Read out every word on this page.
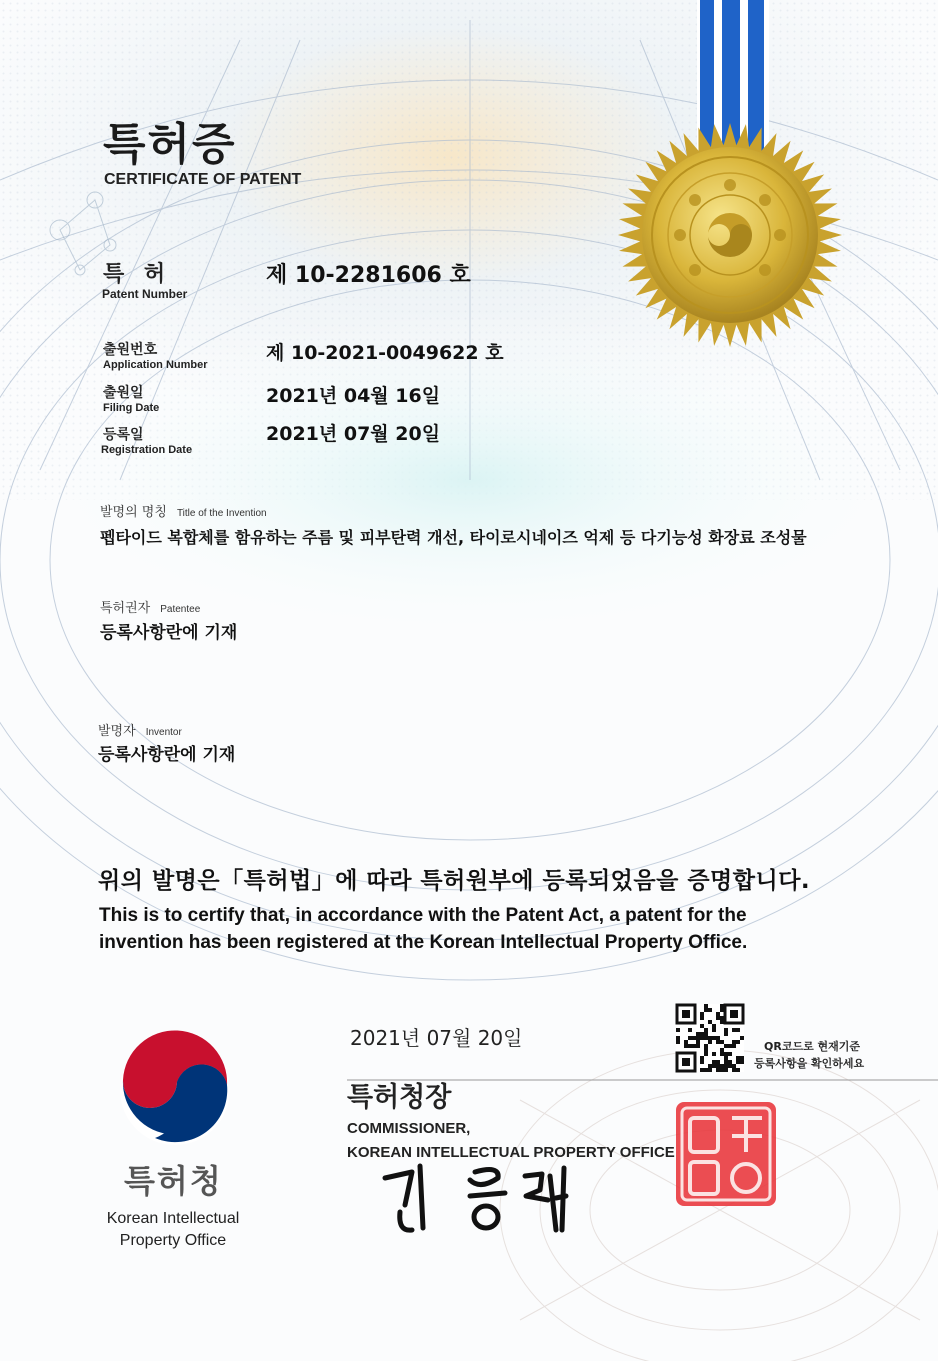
특허증
CERTIFICATE OF PATENT
특 허
Patent Number
제 10-2281606 호
출원번호
Application Number
제 10-2021-0049622 호
출원일
Filing Date
2021년 04월 16일
등록일
Registration Date
2021년 07월 20일
발명의 명칭 Title of the Invention
펩타이드 복합체를 함유하는 주름 및 피부탄력 개선, 타이로시네이즈 억제 등 다기능성 화장료 조성물
특허권자 Patentee
등록사항란에 기재
발명자 Inventor
등록사항란에 기재
위의 발명은「특허법」에 따라 특허원부에 등록되었음을 증명합니다.
This is to certify that, in accordance with the Patent Act, a patent for the
invention has been registered at the Korean Intellectual Property Office.
2021년 07월 20일	QR코드로 현재기준
등록사항을 확인하세요
특허청장
COMMISSIONER,
KOREAN INTELLECTUAL PROPERTY OFFICE
특허청
Korean Intellectual
Property Office
